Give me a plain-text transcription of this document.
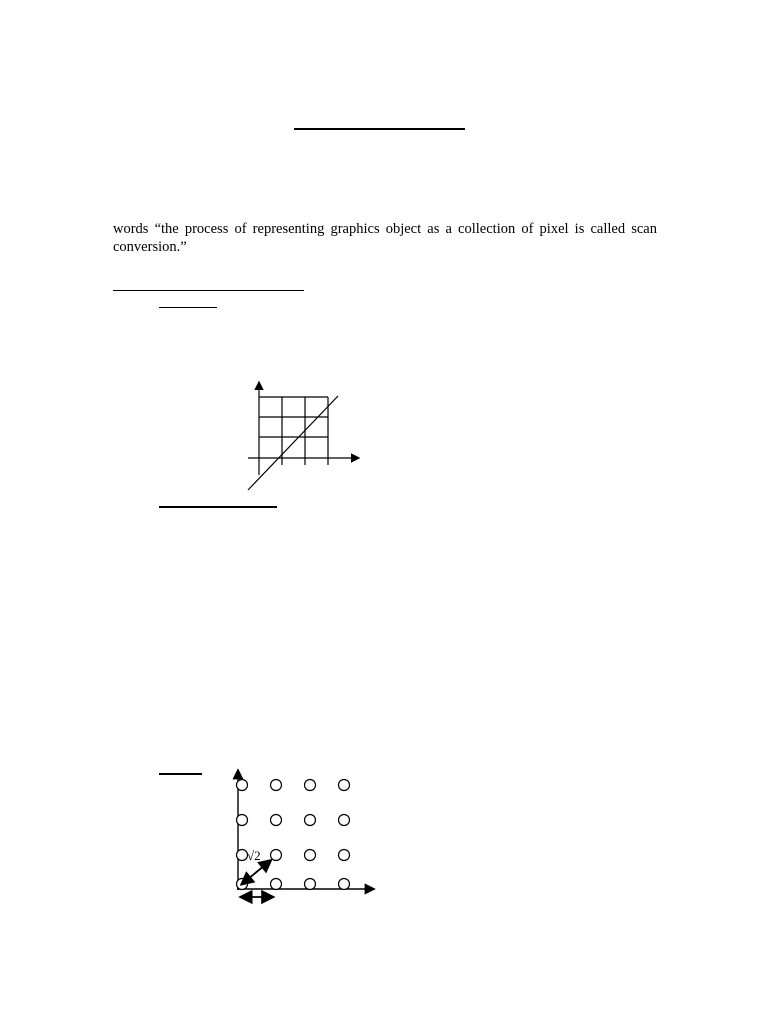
words “the process of representing graphics object as a collection of pixel is called scan
conversion.”
√2
